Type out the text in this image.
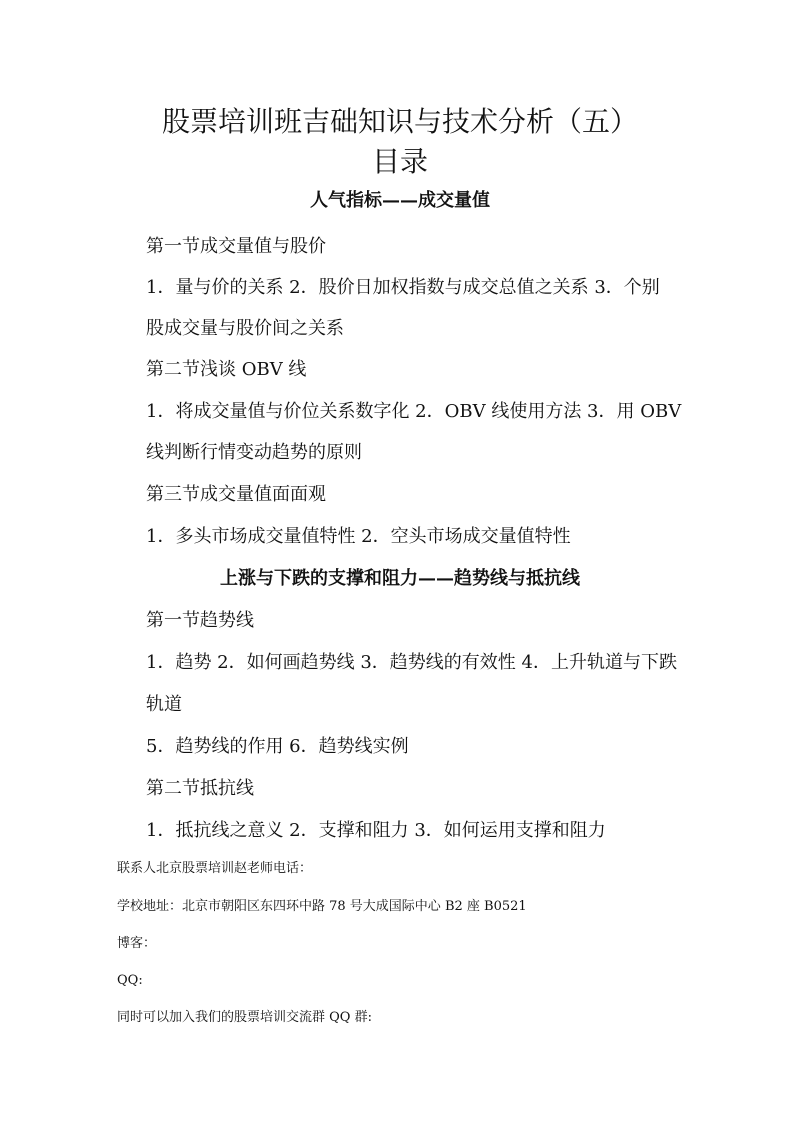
股票培训班吉础知识与技术分析（五）
目录
人气指标——成交量值
第一节成交量值与股价
1．量与价的关系 2．股价日加权指数与成交总值之关系 3．个别
股成交量与股价间之关系
第二节浅谈 OBV 线
1．将成交量值与价位关系数字化 2．OBV 线使用方法 3．用 OBV
线判断行情变动趋势的原则
第三节成交量值面面观
1．多头市场成交量值特性 2．空头市场成交量值特性
上涨与下跌的支撑和阻力——趋势线与抵抗线
第一节趋势线
1．趋势 2．如何画趋势线 3．趋势线的有效性 4．上升轨道与下跌
轨道
5．趋势线的作用 6．趋势线实例
第二节抵抗线
1．抵抗线之意义 2．支撑和阻力 3．如何运用支撑和阻力
联系人北京股票培训赵老师电话：
学校地址：北京市朝阳区东四环中路 78 号大成国际中心 B2 座 B0521
博客：
QQ:
同时可以加入我们的股票培训交流群 QQ 群:
